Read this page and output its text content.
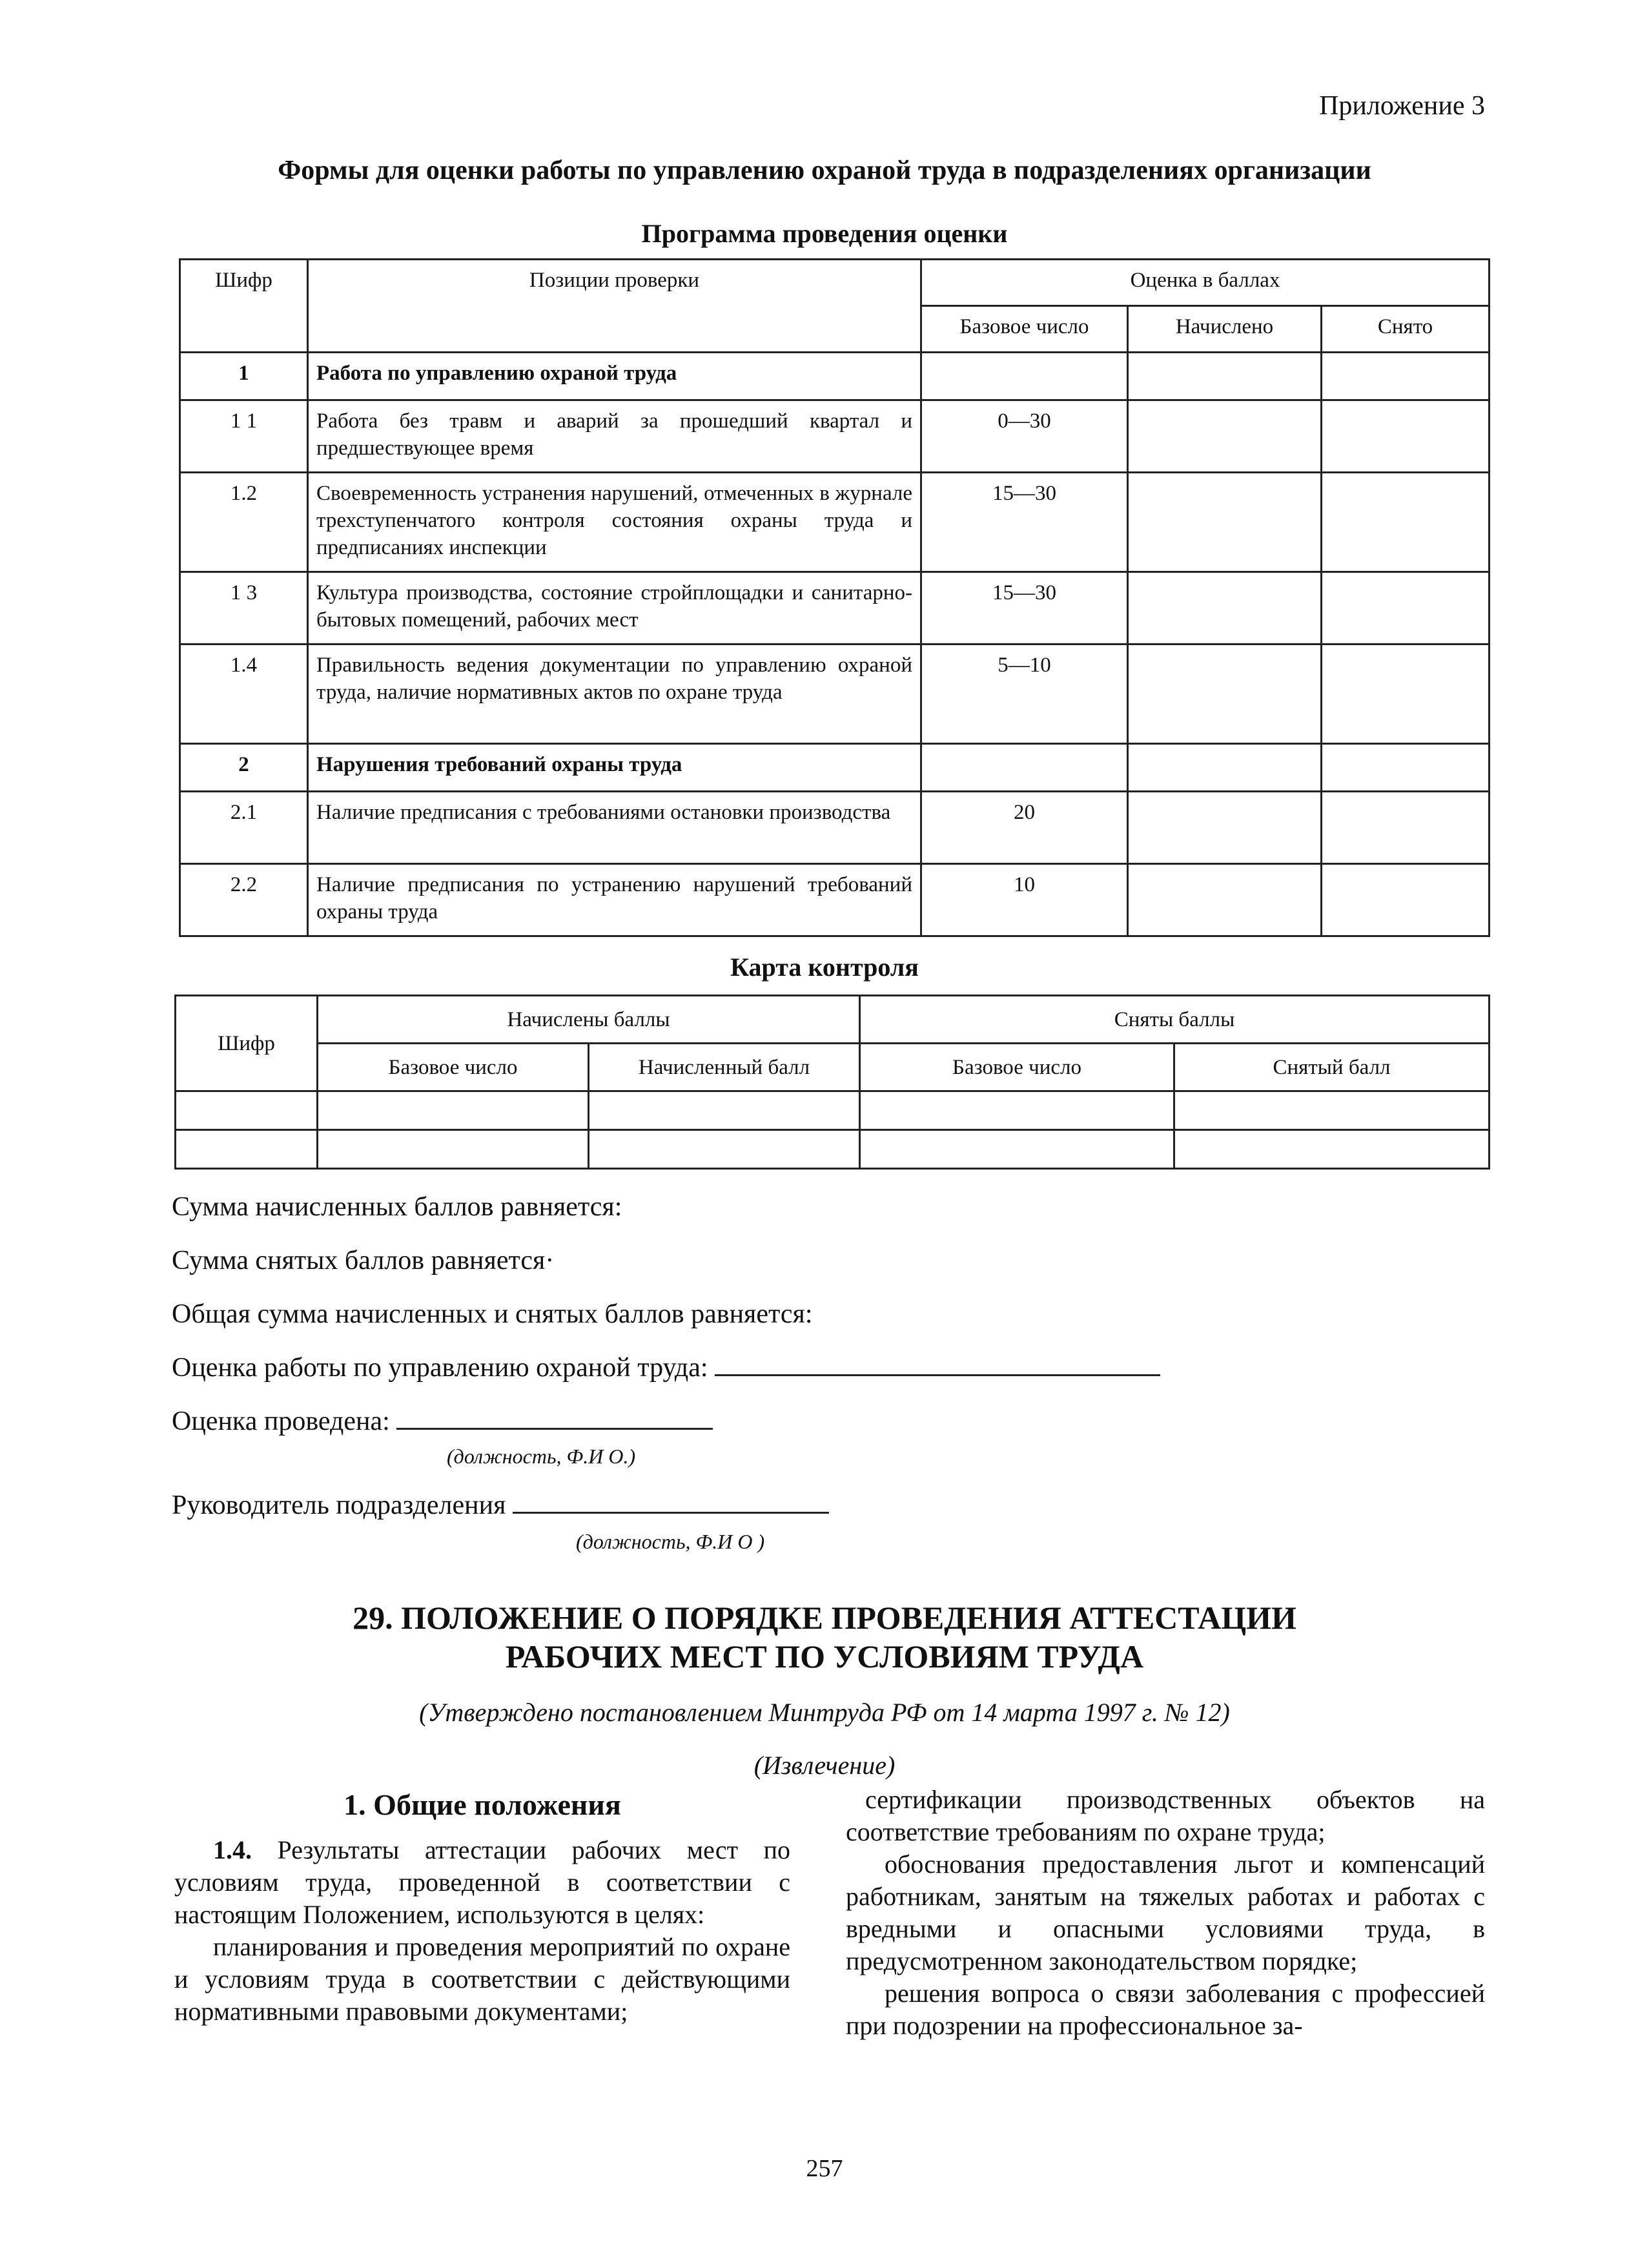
Приложение 3
Формы для оценки работы по управлению охраной труда в подразделениях организации
Программа проведения оценки
Шифр	Позиции проверки	Оценка в баллах		
		Базовое число	Начислено	Снято
1	Работа по управлению охраной труда			
1 1	Работа без травм и аварий за прошедший квартал и предшествующее время	0—30		
1.2	Своевременность устранения нарушений, отмеченных в журнале трехступенчатого контроля состояния охраны труда и предписаниях инспекции	15—30		
1 3	Культура производства, состояние стройплощадки и санитарно-бытовых помещений, рабочих мест	15—30		
1.4	Правильность ведения документации по управлению охраной труда, наличие нормативных актов по охране труда	5—10		
2	Нарушения требований охраны труда			
2.1	Наличие предписания с требованиями остановки производства	20		
2.2	Наличие предписания по устранению нарушений требований охраны труда	10		
Карта контроля
Шифр	Начислены баллы		Сняты баллы	
	Базовое число	Начисленный балл	Базовое число	Снятый балл

Сумма начисленных баллов равняется:
Сумма снятых баллов равняется·
Общая сумма начисленных и снятых баллов равняется:
Оценка работы по управлению охраной труда:
Оценка проведена:
(должность, Ф.И О.)
Руководитель подразделения
(должность, Ф.И О )
29. ПОЛОЖЕНИЕ О ПОРЯДКЕ ПРОВЕДЕНИЯ АТТЕСТАЦИИ
РАБОЧИХ МЕСТ ПО УСЛОВИЯМ ТРУДА
(Утверждено постановлением Минтруда РФ от 14 марта 1997 г. № 12)
(Извлечение)

1. Общие положения

1.4. Результаты аттестации рабочих мест по условиям труда, проведенной в соответствии с настоящим Положением, используются в целях:

планирования и проведения мероприятий по охране и условиям труда в соответствии с действующими нормативными правовыми документами;

сертификации производственных объектов на соответствие требованиям по охране труда;

обоснования предоставления льгот и компенсаций работникам, занятым на тяжелых работах и работах с вредными и опасными условиями труда, в предусмотренном законодательством порядке;

решения вопроса о связи заболевания с профессией при подозрении на профессиональное за-

257
